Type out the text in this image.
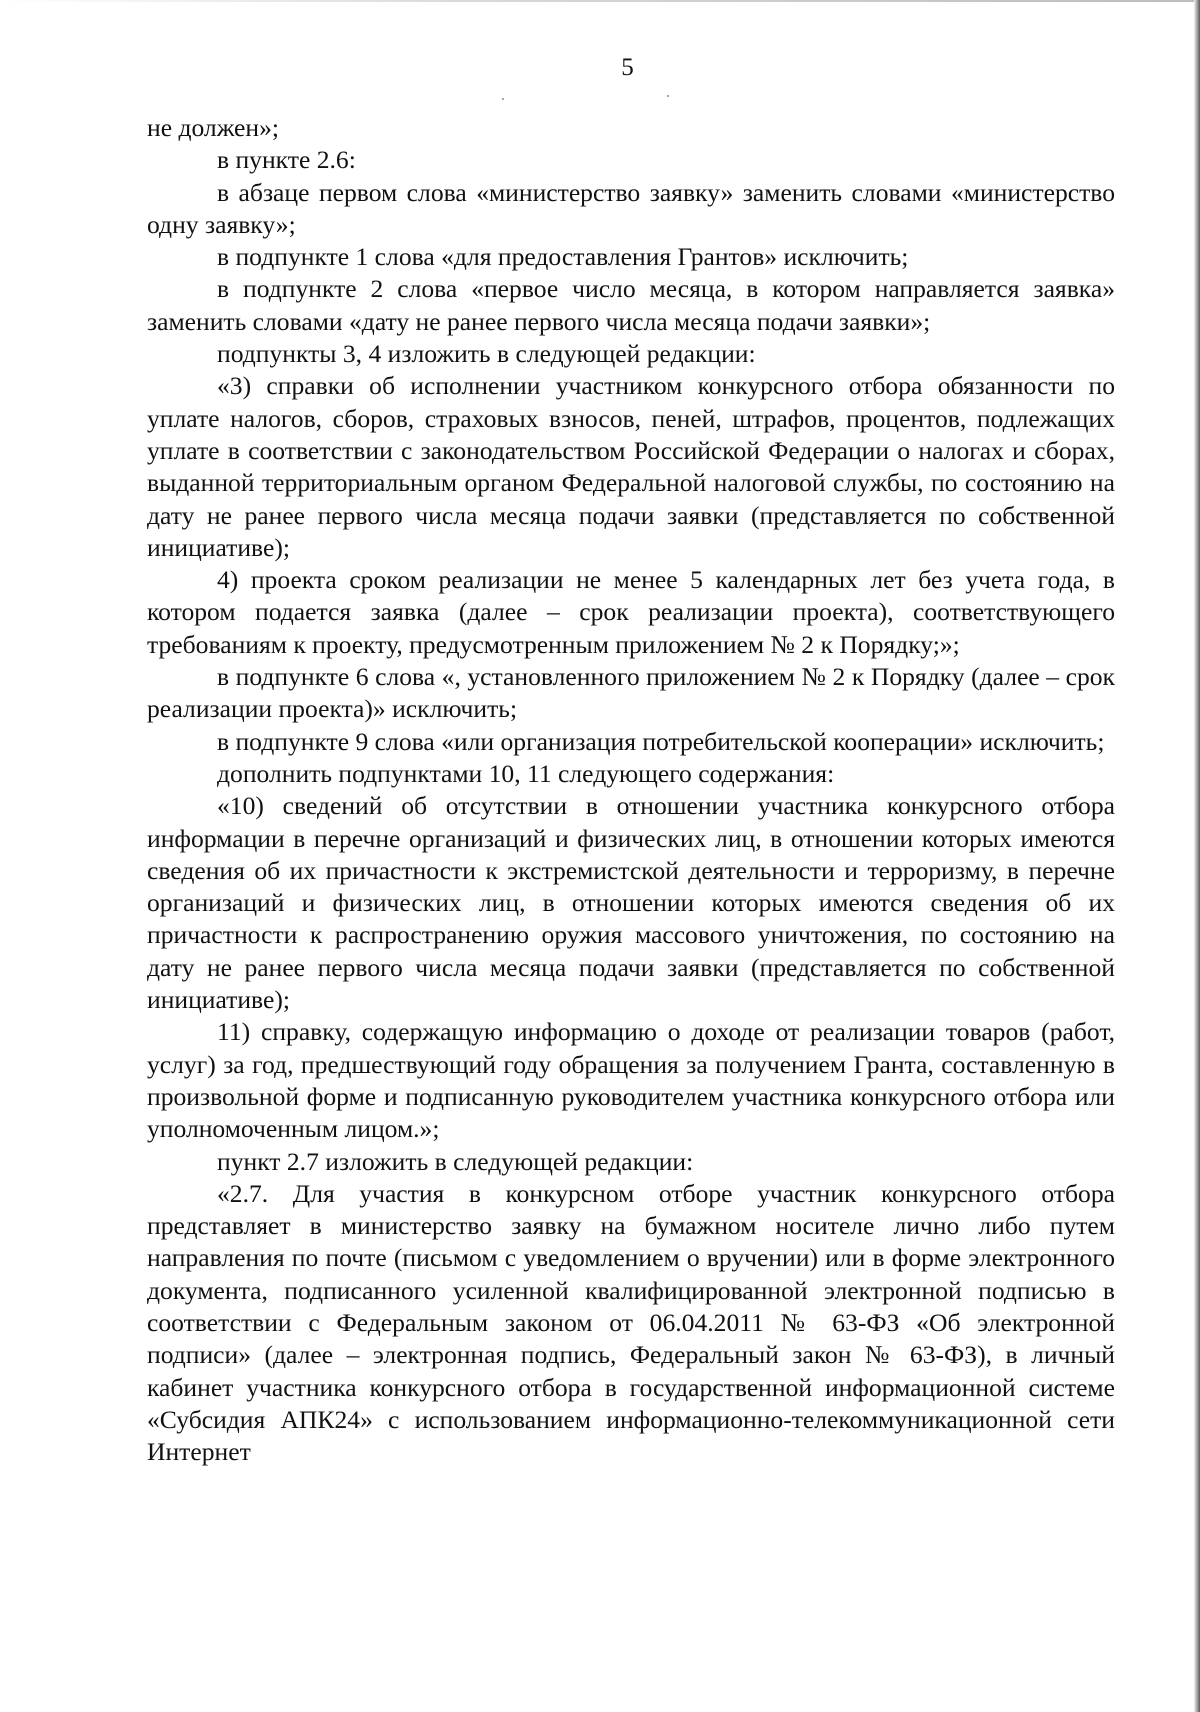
5

не должен»;

в пункте 2.6:

в абзаце первом слова «министерство заявку» заменить словами «министерство одну заявку»;

в подпункте 1 слова «для предоставления Грантов» исключить;

в подпункте 2 слова «первое число месяца, в котором направляется заявка» заменить словами «дату не ранее первого числа месяца подачи заявки»;

подпункты 3, 4 изложить в следующей редакции:

«3) справки об исполнении участником конкурсного отбора обязанности по уплате налогов, сборов, страховых взносов, пеней, штрафов, процентов, подлежащих уплате в соответствии с законодательством Российской Федерации о налогах и сборах, выданной территориальным органом Федеральной налоговой службы, по состоянию на дату не ранее первого числа месяца подачи заявки (представляется по собственной инициативе);

4) проекта сроком реализации не менее 5 календарных лет без учета года, в котором подается заявка (далее – срок реализации проекта), соответствующего требованиям к проекту, предусмотренным приложением № 2 к Порядку;»;

в подпункте 6 слова «, установленного приложением № 2 к Порядку (далее – срок реализации проекта)» исключить;

в подпункте 9 слова «или организация потребительской кооперации» исключить;

дополнить подпунктами 10, 11 следующего содержания:

«10) сведений об отсутствии в отношении участника конкурсного отбора информации в перечне организаций и физических лиц, в отношении которых имеются сведения об их причастности к экстремистской деятельности и терроризму, в перечне организаций и физических лиц, в отношении которых имеются сведения об их причастности к распространению оружия массового уничтожения, по состоянию на дату не ранее первого числа месяца подачи заявки (представляется по собственной инициативе);

11) справку, содержащую информацию о доходе от реализации товаров (работ, услуг) за год, предшествующий году обращения за получением Гранта, составленную в произвольной форме и подписанную руководителем участника конкурсного отбора или уполномоченным лицом.»;

пункт 2.7 изложить в следующей редакции:

«2.7. Для участия в конкурсном отборе участник конкурсного отбора представляет в министерство заявку на бумажном носителе лично либо путем направления по почте (письмом с уведомлением о вручении) или в форме электронного документа, подписанного усиленной квалифицированной электронной подписью в соответствии с Федеральным законом от 06.04.2011 № 63-ФЗ «Об электронной подписи» (далее – электронная подпись, Федеральный закон № 63-ФЗ), в личный кабинет участника конкурсного отбора в государственной информационной системе «Субсидия АПК24» с использованием информационно-телекоммуникационной сети Интернет
